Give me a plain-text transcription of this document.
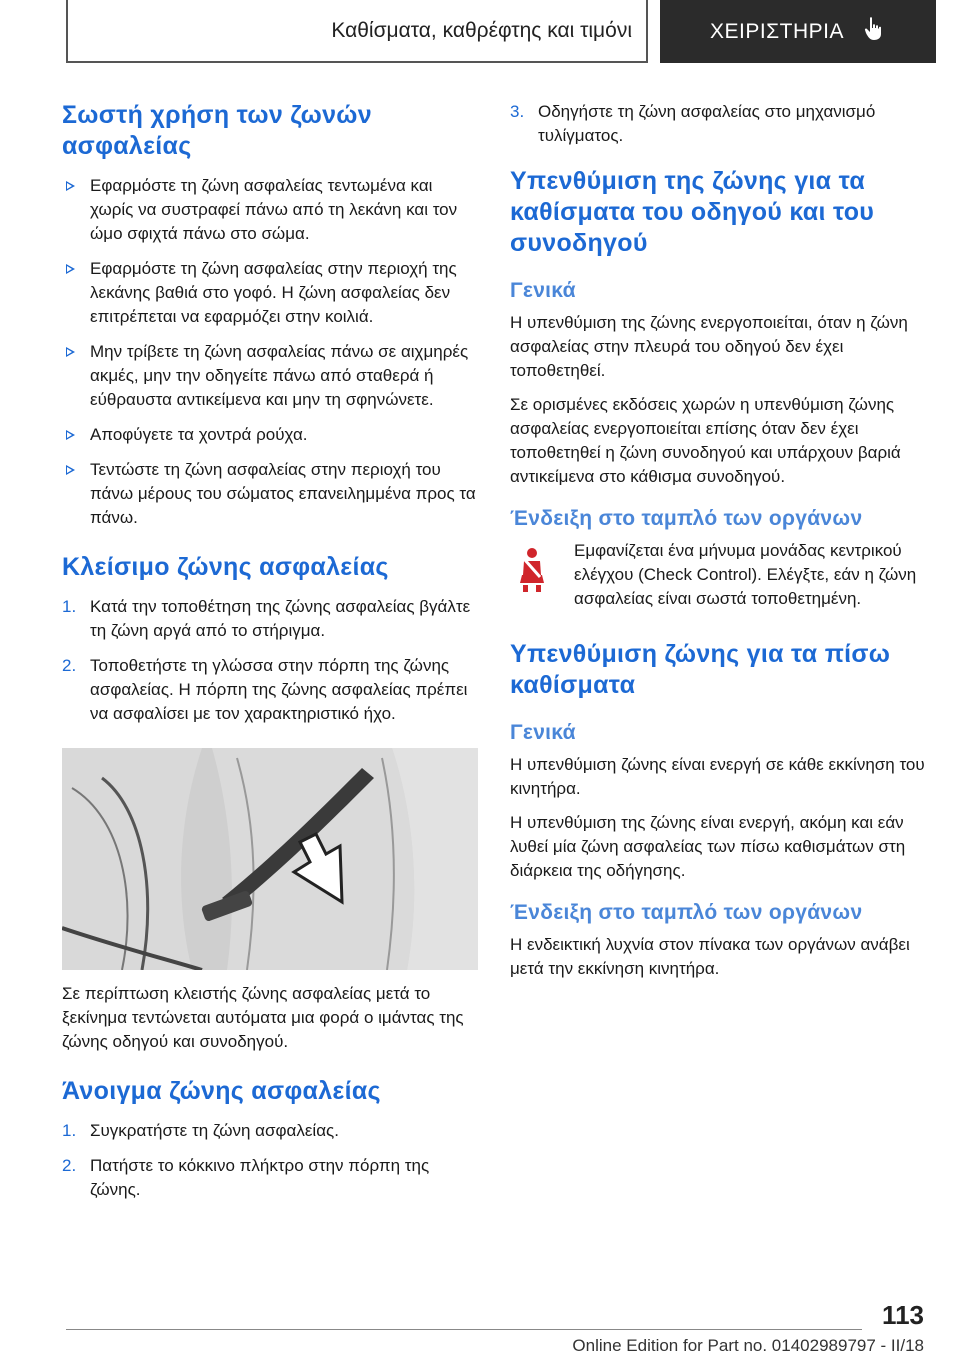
Καθίσματα, καθρέφτης και τιμόνι	ΧΕΙΡΙΣΤΗΡΙΑ
Σωστή χρήση των ζωνών ασφαλείας
Εφαρμόστε τη ζώνη ασφαλείας τεντωμένα και χωρίς να συστραφεί πάνω από τη λεκάνη και τον ώμο σφιχτά πάνω στο σώμα.
Εφαρμόστε τη ζώνη ασφαλείας στην περιοχή της λεκάνης βαθιά στο γοφό. Η ζώνη ασφαλείας δεν επιτρέπεται να εφαρμόζει στην κοιλιά.
Μην τρίβετε τη ζώνη ασφαλείας πάνω σε αιχμηρές ακμές, μην την οδηγείτε πάνω από σταθερά ή εύθραυστα αντικείμενα και μην τη σφηνώνετε.
Αποφύγετε τα χοντρά ρούχα.
Τεντώστε τη ζώνη ασφαλείας στην περιοχή του πάνω μέρους του σώματος επανειλημμένα προς τα πάνω.
Κλείσιμο ζώνης ασφαλείας
1. Κατά την τοποθέτηση της ζώνης ασφαλείας βγάλτε τη ζώνη αργά από το στήριγμα.
2. Τοποθετήστε τη γλώσσα στην πόρπη της ζώνης ασφαλείας. Η πόρπη της ζώνης ασφαλείας πρέπει να ασφαλίσει με τον χαρακτηριστικό ήχο.

Σε περίπτωση κλειστής ζώνης ασφαλείας μετά το ξεκίνημα τεντώνεται αυτόματα μια φορά ο ιμάντας της ζώνης οδηγού και συνοδηγού.

Άνοιγμα ζώνης ασφαλείας
1. Συγκρατήστε τη ζώνη ασφαλείας.
2. Πατήστε το κόκκινο πλήκτρο στην πόρπη της ζώνης.
3. Οδηγήστε τη ζώνη ασφαλείας στο μηχανισμό τυλίγματος.
Υπενθύμιση της ζώνης για τα καθίσματα του οδηγού και του συνοδηγού
Γενικά

Η υπενθύμιση της ζώνης ενεργοποιείται, όταν η ζώνη ασφαλείας στην πλευρά του οδηγού δεν έχει τοποθετηθεί.

Σε ορισμένες εκδόσεις χωρών η υπενθύμιση ζώνης ασφαλείας ενεργοποιείται επίσης όταν δεν έχει τοποθετηθεί η ζώνη συνοδηγού και υπάρχουν βαριά αντικείμενα στο κάθισμα συνοδηγού.

Ένδειξη στο ταμπλό των οργάνων

Εμφανίζεται ένα μήνυμα μονάδας κεντρικού ελέγχου (Check Control). Ελέγξτε, εάν η ζώνη ασφαλείας είναι σωστά τοποθετημένη.

Υπενθύμιση ζώνης για τα πίσω καθίσματα
Γενικά

Η υπενθύμιση ζώνης είναι ενεργή σε κάθε εκκίνηση του κινητήρα.

Η υπενθύμιση της ζώνης είναι ενεργή, ακόμη και εάν λυθεί μία ζώνη ασφαλείας των πίσω καθισμάτων στη διάρκεια της οδήγησης.

Ένδειξη στο ταμπλό των οργάνων

Η ενδεικτική λυχνία στον πίνακα των οργάνων ανάβει μετά την εκκίνηση κινητήρα.

113
Online Edition for Part no. 01402989797 - II/18
